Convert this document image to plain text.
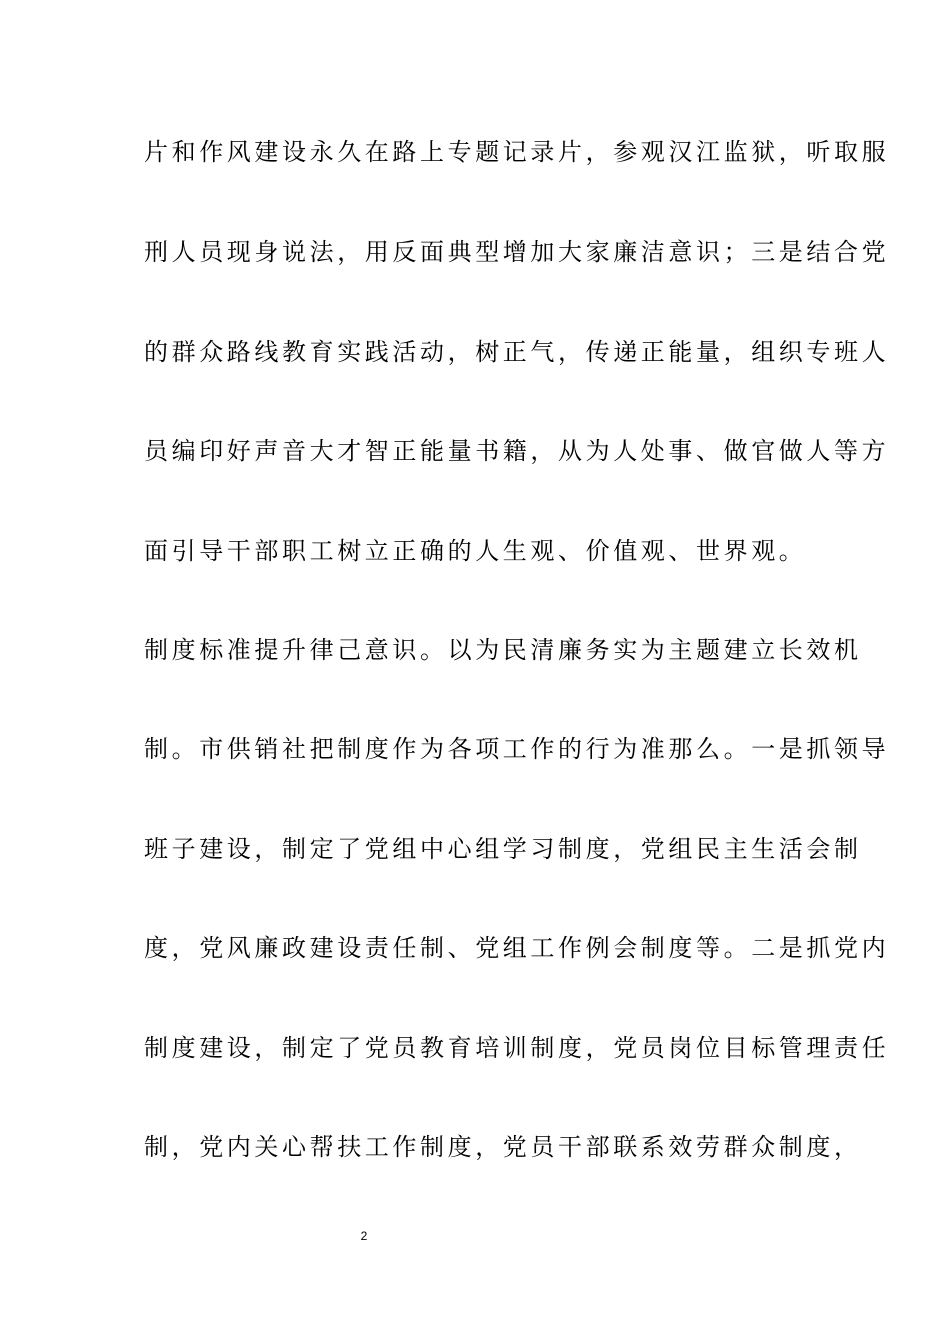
片和作风建设永久在路上专题记录片，参观汉江监狱，听取服
刑人员现身说法，用反面典型增加大家廉洁意识；三是结合党
的群众路线教育实践活动，树正气，传递正能量，组织专班人
员编印好声音大才智正能量书籍，从为人处事、做官做人等方
面引导干部职工树立正确的人生观、价值观、世界观。
制度标准提升律己意识。以为民清廉务实为主题建立长效机
制。市供销社把制度作为各项工作的行为准那么。一是抓领导
班子建设，制定了党组中心组学习制度，党组民主生活会制
度，党风廉政建设责任制、党组工作例会制度等。二是抓党内
制度建设，制定了党员教育培训制度，党员岗位目标管理责任
制，党内关心帮扶工作制度，党员干部联系效劳群众制度，
2
